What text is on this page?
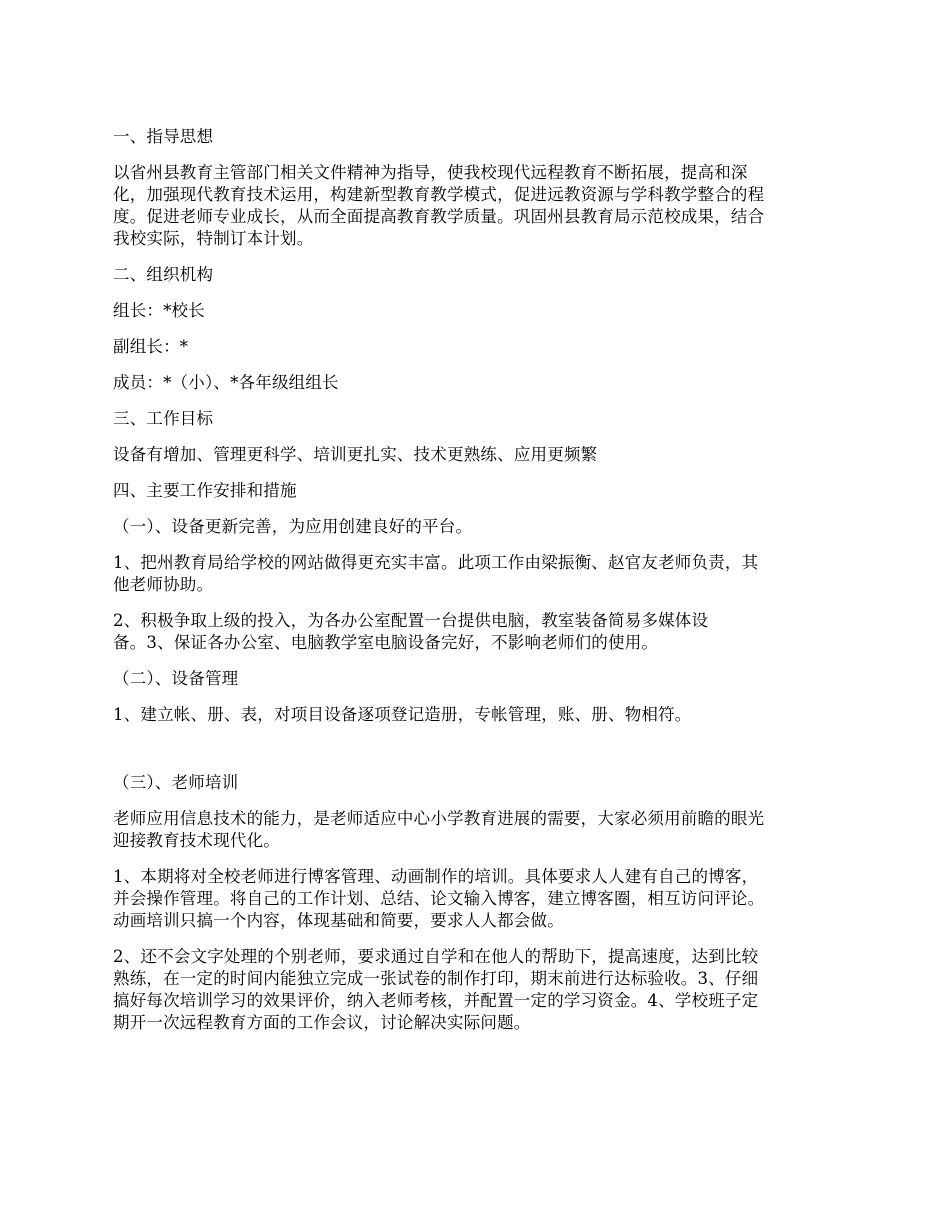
一、指导思想

以省州县教育主管部门相关文件精神为指导，使我校现代远程教育不断拓展，提高和深
化，加强现代教育技术运用，构建新型教育教学模式，促进远教资源与学科教学整合的程
度。促进老师专业成长，从而全面提高教育教学质量。巩固州县教育局示范校成果，结合
我校实际，特制订本计划。

二、组织机构

组长：*校长

副组长：*

成员：*（小）、*各年级组组长

三、工作目标

设备有增加、管理更科学、培训更扎实、技术更熟练、应用更频繁

四、主要工作安排和措施

（一）、设备更新完善，为应用创建良好的平台。

1、把州教育局给学校的网站做得更充实丰富。此项工作由梁振衡、赵官友老师负责，其
他老师协助。

2、积极争取上级的投入，为各办公室配置一台提供电脑，教室装备简易多媒体设
备。3、保证各办公室、电脑教学室电脑设备完好，不影响老师们的使用。

（二）、设备管理

1、建立帐、册、表，对项目设备逐项登记造册，专帐管理，账、册、物相符。

（三）、老师培训

老师应用信息技术的能力，是老师适应中心小学教育进展的需要，大家必须用前瞻的眼光
迎接教育技术现代化。

1、本期将对全校老师进行博客管理、动画制作的培训。具体要求人人建有自己的博客，
并会操作管理。将自己的工作计划、总结、论文输入博客，建立博客圈，相互访问评论。
动画培训只搞一个内容，体现基础和简要，要求人人都会做。

2、还不会文字处理的个别老师，要求通过自学和在他人的帮助下，提高速度，达到比较
熟练，在一定的时间内能独立完成一张试卷的制作打印，期末前进行达标验收。3、仔细
搞好每次培训学习的效果评价，纳入老师考核，并配置一定的学习资金。4、学校班子定
期开一次远程教育方面的工作会议，讨论解决实际问题。
